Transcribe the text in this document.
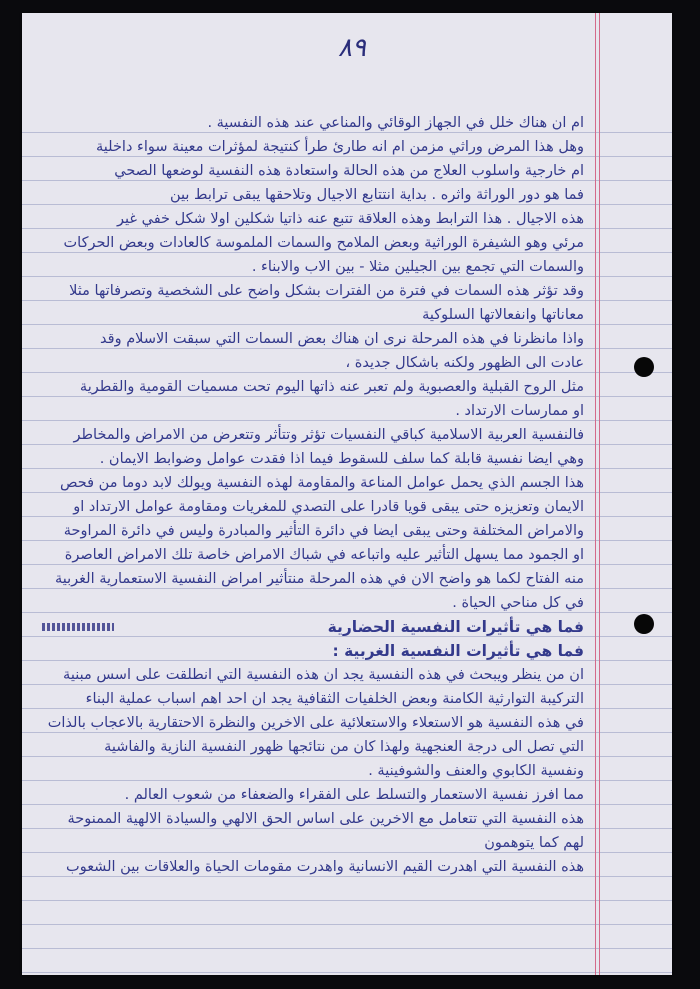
٨٩
ام ان هناك خلل في الجهاز الوقائي والمناعي عند هذه النفسية .
وهل هذا المرض وراثي مزمن ام انه طارئ طرأ كنتيجة لمؤثرات معينة سواء داخلية
ام خارجية واسلوب العلاج من هذه الحالة واستعادة هذه النفسية لوضعها الصحي
فما هو دور الوراثة واثره . بداية انتتابع الاجيال وتلاحقها يبقى ترابط بين
هذه الاجيال . هذا الترابط وهذه العلاقة تتبع عنه ذاتيا شكلين اولا شكل خفي غير
مرئي وهو الشيفرة الوراثية وبعض الملامح والسمات الملموسة كالعادات وبعض الحركات
والسمات التي تجمع بين الجيلين مثلا - بين الاب والابناء .
وقد تؤثر هذه السمات في فترة من الفترات بشكل واضح على الشخصية وتصرفاتها مثلا
معاناتها وانفعالاتها السلوكية
واذا مانظرنا في هذه المرحلة نرى ان هناك بعض السمات التي سبقت الاسلام وقد
عادت الى الظهور ولكنه باشكال جديدة ،
مثل الروح القبلية والعصبوية ولم تعبر عنه ذاتها اليوم تحت مسميات القومية والقطرية
او ممارسات الارتداد .
فالنفسية العربية الاسلامية كباقي النفسيات تؤثر وتتأثر وتتعرض من الامراض والمخاطر
وهي ايضا نفسية قابلة كما سلف للسقوط فيما اذا فقدت عوامل وضوابط الايمان .
هذا الجسم الذي يحمل عوامل المناعة والمقاومة لهذه النفسية ويولك لابد دوما من فحص
الايمان وتعزيزه حتى يبقى قويا قادرا على التصدي للمغريات ومقاومة عوامل الارتداد او
والامراض المختلفة وحتى يبقى ايضا في دائرة التأثير والمبادرة وليس في دائرة المراوحة
او الجمود مما يسهل التأثير عليه واتباعه في شباك الامراض خاصة تلك الامراض العاصرة
منه الفتاح لكما هو واضح الان في هذه المرحلة منتأثير امراض النفسية الاستعمارية الغربية
في كل مناحي الحياة .
فما هي تأثيرات النفسية الحضارية
فما هي تأثيرات النفسية الغربية :
ان من ينظر ويبحث في هذه النفسية يجد ان هذه النفسية التي انطلقت على اسس مبنية
التركيبة التوارثية الكامنة وبعض الخلفيات الثقافية يجد ان احد اهم اسباب عملية البناء
في هذه النفسية هو الاستعلاء والاستعلائية على الاخرين والنظرة الاحتقارية بالاعجاب بالذات
التي تصل الى درجة العنجهية ولهذا كان من نتائجها ظهور النفسية النازية والفاشية
ونفسية الكابوي والعنف والشوفينية .
مما افرز نفسية الاستعمار والتسلط على الفقراء والضعفاء من شعوب العالم .
هذه النفسية التي تتعامل مع الاخرين على اساس الحق الالهي والسيادة الالهية الممنوحة
لهم كما يتوهمون
هذه النفسية التي اهدرت القيم الانسانية واهدرت مقومات الحياة والعلاقات بين الشعوب
